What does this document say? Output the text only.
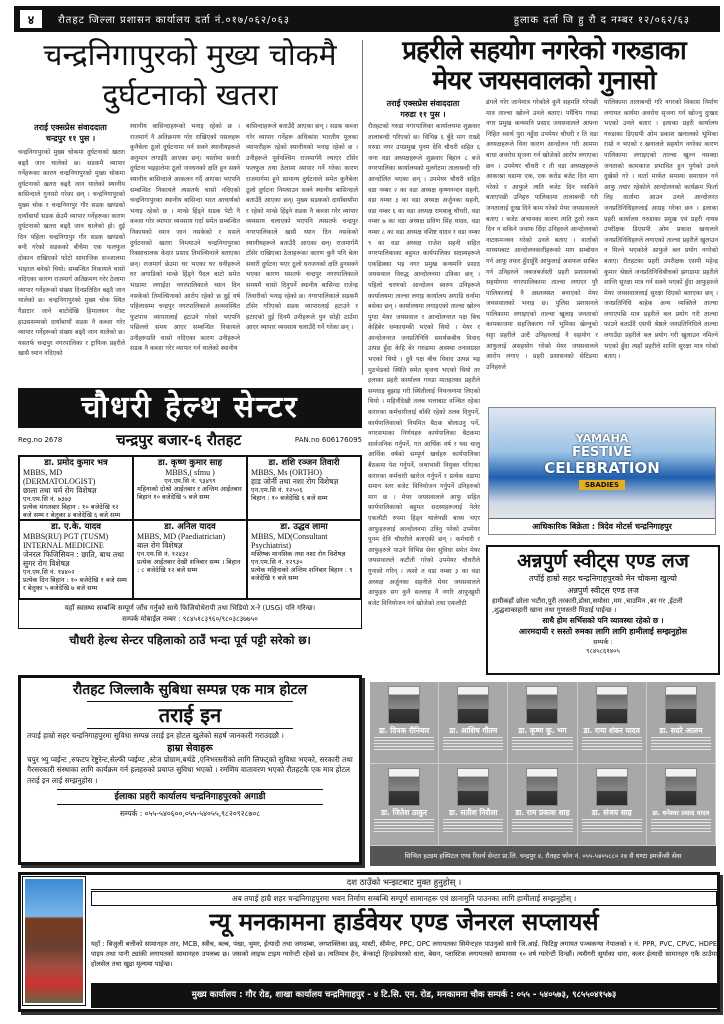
४	रौतहट जिल्ला प्रशासन कार्यालय दर्ता नं.०१७/०६२/०६३	हुलाक दर्ता जि हु रौ द नम्बर १२/०६२/६३
चन्द्रनिगापुरको मुख्य चोकमै
दुर्घटनाको खतरा
तराई एक्सप्रेस संवाददाता
चन्द्रपुर ११ पुस ।
चन्द्रनिगापुरको मुख्य चोकमा दुर्घटनाको खतरा बढ्दै जान थालेको छ। सडकमै व्यापार गर्नेहरूका कारण चन्द्रनिगापुरको मुख्य चोकमा दुर्घटनाको खतरा बढ्दै जान थालेको स्थानीय बासिन्दाले गुनासो गरेका छन् । चन्द्रनिगापुरको मुख्य चोक र चन्द्रनिगापुर गौर सडक खण्डको दायाँबायाँ सडक छेउमै व्यापार गर्नेहरूका कारण दुर्घटनाको खतरा बढ्दै जान थालेको हो। दुई दिन पहिला चन्द्रनिगापुर गौर सडक खण्डको बन्दै गरेको सडकको बीचैमा एक फलफुल दोकान राखिएको फोटो सामाजिक सञ्जालमा भाइरल बनेको थियो। सम्बन्धित निकायले चासो नदिएका कारण राजमार्ग अतिक्रमण गरेर ठेलामा व्यापार गर्नेहरूको संख्या दिनप्रतिदिन बढ्दै जान थालेको छ। चन्द्रनिगापुरको मुख्य चोक स्थित गैडाटार जाने बाटोदेखि हिमालयन गेस्ट हाउससम्मको दायाँबायाँ सडक नै कब्जा गरेर व्यापार गर्नेहरूको संख्या बढ्दै जान थालेको छ। यसतर्फ चन्द्रपुर नगरपालिका र ट्राफिक प्रहरीले खासै ध्यान नदिएको
स्थानीय बासिन्दाहरूको भनाइ रहेको छ । राजमार्ग नै अतिक्रमण गरेर राखिएको पसलहरू कुनैबेला ठूलो दुर्घटनामा पर्न सक्ने स्थानीयहरूले अनुमान लगाईंदै आएका छन्। यस्तोमा सवारी दुर्घटना भइहालेमा ठूलो जनधनको क्षति हुन सक्ने स्थानीय बासिन्दाले आकलन गर्दै आएका भएपनि सम्बन्धित निकायले त्यसतर्फ चासो नदिएको चन्द्रनिगापुरका स्थानीय बासिन्दा भरत आचार्यको भनाइ रहेको छ । मान्छे हिंड्ने सडक पेटी नै कब्जा गरेर व्यापार व्यवसाय गर्दा समेत सम्बन्धित निकायको ध्यान जान नसकेको र यसले दुर्घटनाको खतरा निम्त्याउने चन्द्रनिगापुरका रिक्साचालक केदार प्रसाद तिमल्सिनाले बताएका छन्। राजमार्ग छेउमा घर भएका घर धनीहरूले घर अगाडिको मान्छे हिंड्ने पैदल बाटो समेत भाडामा लगाईंदा नगरपालिकाले ध्यान दिन नसकेको तिमल्सिनाको आरोप रहेको छ दुई वर्ष पहिलासम्म चन्द्रपुर नगरपालिकाले अव्यवस्थित फुटपाथ व्यापारलाई हटाउने गरेको भएपनि पछिल्लो समय आएर सम्बन्धित निकायले उनीहरूप्रति चासो नदिएका कारण उनीहरूले सडक नै कब्जा गरेर व्यापार गर्न थालेको स्थानीय
बासिन्दाहरूले बताउँदै आएका छन् । सडक कब्जा गरेर व्यापार गर्नेहरू अधिकांश भारतीय मूलका व्यापारीहरू रहेको स्थानीयको भनाइ रहेको छ । उनीहरूले पूर्वपश्चिम राजमार्गमै ल्याएर टाँसेर फलफुल तथा ठेलामा व्यापार गर्ने गरेका कारण राजमार्गमा हुने सामान्य दुर्घटनाले समेत कुनैबेला ठूलो दुर्घटना निम्त्याउन सक्ने स्थानीय बासिन्दाले बताउँदै आएका छन्। मुख्य सडकको दायाँबायाँमा र रहेको मान्छे हिंड्ने सडक नै कब्जा गरेर व्यापार व्यवसाय चलाएको भएपनि त्यसतर्फ चन्द्रपुर नगरपालिकाले खासै ध्यान दिन नसकेको स्थानीयहरूले बताउँदै आएका छन्। राजमार्गमै टाँसेर राखिएका ठेलाहरूका कारण कुनै पनि बेला सवारी दुर्घटना भएर ठूलो धनजनको क्षति हुनसक्ने भएका कारण यसतर्फ चन्द्रपुर नगरपालिकाले समयमै चासो दिनुपर्ने स्थानीय बासिन्दा राजेन्द्र तिवारीको भनाइ रहेको छ। नगरपालिकाले सडकमै टाँसेर गरिएको सडक व्यापारलाई हटाउने र हटाएको दुई दिनमै उनीहरूले पुन सोही ठाउँमा आएर व्यापार व्यवसाय चलाउँदै गर्ने गरेका छन् ।
प्रहरीले सहयोग नगरेको गरुडाका
मेयर जयसवालको गुनासो
तराई एक्सप्रेस संवाददाता
गरुडा ११ पुस ।
रौतहटको गरुडा नगरपालिका कार्यालयमा शुक्रवार तालाबन्दी गरिएको छ। विभिन्न ६ बुँदे माग राख्दै गरुडा नगर उपप्रमुख पुनम देवि चौधरी सहित ६ जना वडा अध्यक्षहरूले शुक्रवार बिहान ८ बजे नगरपालिका कार्यालयको मुलगेटमा तालाबन्दी गरि आन्दोलित भएका छन् । उपमेयर चौधरी सहित वडा नम्बर २ का वडा अध्यक्ष कृष्णनन्दन सहनी, वडा नम्बर ३ का वडा अध्यक्ष अर्जुनका सहनी, वडा नम्बर ६ का वडा अध्यक्ष रामबाबु चौधरी, वडा नम्बर ७ का वडा अध्यक्ष प्रविण सिंह यादव, वडा नम्बर ८ का वडा अध्यक्ष वशिष्ट यादव र वडा नम्बर ९ का वडा अध्यक्ष राजेश सहनी सहित नगरपालिकाका बहुमत कार्यपालिका सदस्यहरूले एकढिक्का भइ नगर प्रमुख कन्यमनि प्रसाद जयसवाल विरुद्ध आन्दोलनमा उत्रिका छन् । पहिलो चरणको आन्दोलन स्वरुप उनिहरूले कार्यालयमा ताल्चा लगाइ कार्यालय अगाडि धर्नामा बसेका छन् । कार्यालयमा लगाइएको ताल्चा खोल्न पुग्दा मेयर जयसवाल र आन्दोलनरत पक्ष बिच केहिबेर धम्काधम्की भएको थियो । मेयर र आन्दोलनरत जनप्रतिनिधि समर्थकबीच विवाद उत्पन्न हुँदा केहि बेर गरुडामा अवस्था तनावग्रस्त भएको थियो । दुवै पक्ष बीच विवाद उत्पन्न भइ मुठभेडको स्थिति समेत सृजना भएको थियो तर इलाका प्रहरी कार्यालय गरुडा मातहतका प्रहरीले समधाइ बुझाइ गरी स्थितीलाई नियन्त्रणमा लिएको थियो । महिनौंदेखी तलब भत्ताबाट वञ्चित रहेका करारका कर्मचारीलाई बाँकी रहेको तलब दिनुपर्ने, कार्यपालिकाको नियमित बैठक बोलाउनु पर्ने, नगरसभाका निर्णयहरु कार्यपालिका बैठकमा सार्वजनिक गर्नुपर्ने, गत आर्थिक वर्ष र यस चालु आर्थिक वर्षको सम्पूर्ण खर्चहरु कार्यपालिका बैठकमा पेश गर्नुपर्ने, जथाभावी नियुक्त गरिएका करारका कर्मचारी खारेज गर्नुपर्ने र प्रत्येक वडामा समान स्तर बजेट विनियोजन गर्नुपर्ने उनिहरुको माग छ । मेयर जयसवालले आफु सहित कार्यपालिकाको बहुमत सदस्यहरूलाई पेलेर एकलौटी रुपमा हिड्न थालेपछी बाध्य भएर आफुहरुलाई आन्दोलनमा उत्रिनु परेको उपमेयर पुनम देवि चौधरीले बताएकी छन् । कर्मचारी र आफुहरुले पाउने विभिन्न सेवा सुविधा समेत मेयर जयसवालले कटौती गरेको उपमेयर चौधरीले गुनासो गरिन् । त्यसो त वडा नम्बर ३ का वडा अध्यक्ष अर्जुनका सहनीले मेयर जयसवालले आफुहरु सग कुनै सल्लाह नै नगरि आफुखुसी बजेट विनियोजन गर्न खोजेको तथा एकलौटी
ढंगले गरेर जानेमात्र गरेकोले कुनै सहमति गरेपछी मात्र ताल्चा खोल्ने उनले बताए। पर्यैचिप गरुडा नगर प्रमुख कन्यमनि प्रसाद जयसवालले आफ्ना निहित स्वार्थ पुरा नहुँदा उपमेयर चौधरी र ति वडा अध्यक्षहरूले विना कारण आन्दोलन गरी आममा बाधा अवरोध सृजना गर्न खोजेको आरोप लगाएका छन । उपमेयर चौधरी र ती वडा अध्यक्षहरूले आकाश्ना वडामा एक, एक करोड बजेट दिन माग गरेको र आफुले त्यति बजेट दिन नसकिने बताएपछी उनिहरु पालिकामा तालाबन्दी गरी जनतालाई दुःख दिने काम गरेको मेयर जयसवालले बताए । बजेट अभावका कारण त्यति ठूलो रकम दिन न सकिने जवाफ दिँदा उनिहरुले आन्दोलनको नाटकमञ्चन गरेको उनले बताए । वार्ताको माध्यमबाट आन्दोलनकारीहरूको माग सम्बोधन गर्न आफू तयार हुँदाहुँदै आफुलाई असफल साबित गर्न उनिहरुले जबजबर्जस्ती प्रहरी प्रशासनको सहयोगमा नगरपालिकामा ताल्चा लगाएर पुरै पालिकालाई नै अस्तव्यस्त बनाएको मेयर जयसवालको भनाइ छ। पुलिस प्रशासनले पालिकामा लगाइएको ताल्चा खुलाइ जनताको कामकाजमा सहजिकरण गर्ने भूमिका खेल्नुको सट्टा प्रहरीले उल्टै उनिहरुलाई नै सहयोग र आफुलाई असहयोग गरेको मेयर जयसवालले आरोप लगाए । प्रहरी प्रशासनको सेटिङमा उनिहरुले
पालिकामा तालाबन्दी गरि नगरको विकास निर्माण लगायत कार्यमा अवरोध सृजना गर्न खोज्नु दुःखद भएको उनले बताए । इलाका प्रहरी कार्यालय गरुडाका डिएसपी ओम प्रकाश खनालको भूमिका राम्रो न भएको र खनालले सहयोग नगरेका कारण पालिकामा लगाइएको ताल्चा खुल्न नसक्दा जनताको कामकाज प्रभावित हुन पुगेको उनले दुखेसो गरे । वार्ता मार्फत समस्या समाधान गर्न आफु तयार रहेकोले आन्दोलनको कार्यक्रम फिर्ता लिइ वार्तामा आउन उनले आन्दोलरत जनप्रतिनिधिहरुलाई आग्रह गरेका छन । इलाका प्रहरी कार्यालय गरुडाका प्रमुख एवं प्रहरी नायब उपरीक्षक डिएसपी ओम प्रकाश खनालले जनप्रतिनिधिहरुले लगाएको ताल्चा प्रहरीले खुलाउन न मिल्ने भएकोले आफुले बल प्रयोग नगरेको बताए। रौतहटका प्रहरी उपरीक्षक एसपी महेन्द्र कुमार श्रेष्ठले जनप्रतिनिधिबीचको झगडामा प्रहरीले शान्ति सुरक्षा मात्र गर्न सक्ने भएको हुँदा आफुहरुले मेयर जयसवाललाई सुरक्षा दिएको बताएका छन् । जनप्रतिनिधि बाहेक अन्य व्यक्तिले ताल्चा लगाएपछि मात्र प्रहरीले बल प्रयोग गरी ताल्चा फाउने बताउँदै एसपी श्रेष्ठले जनप्रतिनिधिले ताल्चा लगाउँदा प्रहरीले बल प्रयोग गरी खुलाउन नमिल्ने भएको हुँदा त्यहाँ प्रहरीले शान्ति सुरक्षा मात्र गरेको बताए ।
चौधरी हेल्थ सेन्टर
Reg.no 2678	चन्द्रपुर बजार-६ रौतहट	PAN.no 606176095
डा. प्रमोद कुमार भत्र
MBBS, MD (DERMATOLOGIST)
छाला तथा चर्म रोग विशेषज्ञ
एन.एम.सि नं. ७३७३
प्रत्येक मंगलबार बिहान : १० बजेदेखि १२ बजे सम्म र बेलुका ४ बजेदेखि ६ बजे सम्म
डा. कृष्ण कुमार साह
MBBS,( sfmu )
एन.एम.सि नं. ९३४९९
महिनाको दोश्रो आईतबार र अन्तिम आईतबार बिहान १० बजेदेखि ५ बजे सम्म
डा. शशि रञ्जन तिवारी
MBBS, Ms (ORTHO)
हाड जोर्नी तथा नशा रोग विशेषज्ञ
एन.एम.सि नं. १२५०६
बिहान : १० बजेदेखि ६ बजे सम्म
डा. ए.के. यादव
MBBS(RU) PGT (TUSM) INTERNAL MEDICINE
जेनरल फिजिसियन : छाति, बाथ तथा सुगर रोग विशेषज्ञ
एन.एम.सि नं. १४४०२
प्रत्येक दिन बिहान : १० बजेदेखि १ बजे सम्म र बेलुका ५ बजेदेखि ७ बजे सम्म
डा. अनिल यादव
MBBS, MD (Paediatrician)
बाल रोग विशेषज्ञ
एन.एम.सि नं. १२४३२
प्रत्येक आईतबार देखी शनिबार सम्म । बिहान : ८ बजेदेखि १२ बजे सम्म
डा. उद्धव लामा
MBBS, MD(Consultant Psychiatrist)
मस्तिष्क मानसिक तथा नशा रोग विशेषज्ञ
एन.एम.सि नं. १२९३०
प्रत्येक महिनाको अन्तिम शनिबार बिहान : ९ बजेदेखि १ बजे सम्म
यहाँ स्वास्थ्य सम्बन्धि सम्पूर्ण जाँच गर्नुको साथै फिजियोथेरापी तथा भिडियो X-रे (USG) पनि गरिन्छ।
सम्पर्क मोबाईल नम्बर : ९८४५१८३९६०/९८०३८३७७५०
चौधरी हेल्थ सेन्टर पहिलाको ठाउँ भन्दा पूर्व पट्टी सरेको छ।
रौतहट जिल्लाकै सुबिधा सम्पन्न एक मात्र होटल
तराई इन

तपाई हाम्रो सहर चन्द्रनिगाहपुरमा सुविधा सम्पन्न तराई इन होटल खुलेको सहर्ष जानकारी गराउदछौ ।

हाम्रा सेवाहरू

चपुर भ्यु प्वईन्ट ,रुफटप रेष्टुरेन्ट,सेल्फी प्वईण्ट ,स्टेज प्रोग्राम,बर्थडे ,एनिभरसरीको लागि लिफट्को सुविधा भएको, सरकारी तथा गैरसरकारी संस्थाका लागि कार्यक्रम गर्न हलहरुको प्रयाप्त सुविधा भएको । रमणिय वातावरण भएको रौतहटकै एक मात्र होटल तराई इन लाई सम्झनुहोस ।

ईलाका प्रहरी कार्यालय चन्द्रनिगाहपुरको अगाडी
सम्पर्क : ०५५-५४०६००,०५५-५४०५५,९८२०९२८७०८
YAMAHA
FESTIVE
CELEBRATION
SBADIES
आधिकारिक बिक्रेता : त्रिदेव मोटर्स चन्द्रनिगाहपुर
अन्नपुर्ण स्वीट्स एण्ड लज
तपाँई हाम्रो सहर चन्द्रनिगाहपुरको मेन चोकमा खुल्यो
अन्नपुर्ण स्वीट्स एण्ड लज
हामीकहाँ छोला भटौरा,पुरी तरकारी,डोसा,समोसा ,मम ,चाउमिन ,बर गर ,ईटली ,शुद्धशाकाहारी खाना तथा गुणस्तरी मिठाई पाईन्छ ।
साथै होम सर्भिसको पनि व्यावस्था रहेको छ ।
आरमदायी र सस्तो रुमका लागि लागि हामीलाई सम्झनुहोस
सम्पर्क :
९८४५८६१४०५
डा. दिपक रौनियार	डा. आशिष गौतम	डा. कृष्ण कु. भग	डा. रामा शंकर यादव	डा. सदरे आलम
डा. जितेश ठाकुर	डा. सतीश निरौला	डा. राम प्रकाश साह	डा. संजय साह	डा. धनेश्वर प्रसाद यादव
सिभिल हट्यम हस्पिटल एण्ड रिसर्च सेन्टर प्रा.लि. चन्द्रपुर ४, रौतहट फोन नं. ०५५-५४०५८८० २४ सै घण्टा इमर्जेन्सी सेवा
दश ठाउँको भन्झटबाट मुक्त हुनुहोस् ।
अब तपाई हाम्रै शहर चन्द्रनिगाहपुरमा भवन निर्माण सम्बन्धि सम्पूर्ण सामानहरू एवं छानामुनि पाउनका लागि हामीलाई सम्झनुहोस् ।
न्यू मनकामना हार्डवेयर एण्ड जेनरल सप्लायर्स
यहाँ : बिजुली बत्तीको सामानहरु तार, MCB, स्वीच, बल्ब, पंखा, भुमर, ईत्यादी तथा जगदम्बा, जगशक्तिका छड्, मास्टी, सीमेन्ट, PPC, OPC लगायतका सिमेन्टहरु पाउनुको साथै जि.आई. फिटिङ्ग लगायत पञ्चकन्या नेपालको १ नं. PPR, PVC, CPVC, HDPE पाइप तथा पानी ट्यांकी लगायतको सामानहरु उपलब्ध छ। जसको लाइफ टाइम ग्यारेन्टी रहेको छ। त्यतिमात्र हैन, बेन्काट्रो हिन्डवेयरको धारा, बेसन, प्लास्टिक लगायतको सामानमा १० वर्ष ग्यारेन्टी दिन्छौं। त्यसैगरी सूर्याका धारा, कलर ईत्यादी सामानहरु एकै ठाउँमा होलसेल तथा खुद्रा मूल्यमा पाईन्छ।
मुख्य कार्यालय : गौर रोड, शाखा कार्यालय चन्द्रनिगाहपुर - ४ टि.सि. एन. रोड, मनकामना चौक सम्पर्क : ०५५ - ५४०५७३, ९८५५०४१५७३
